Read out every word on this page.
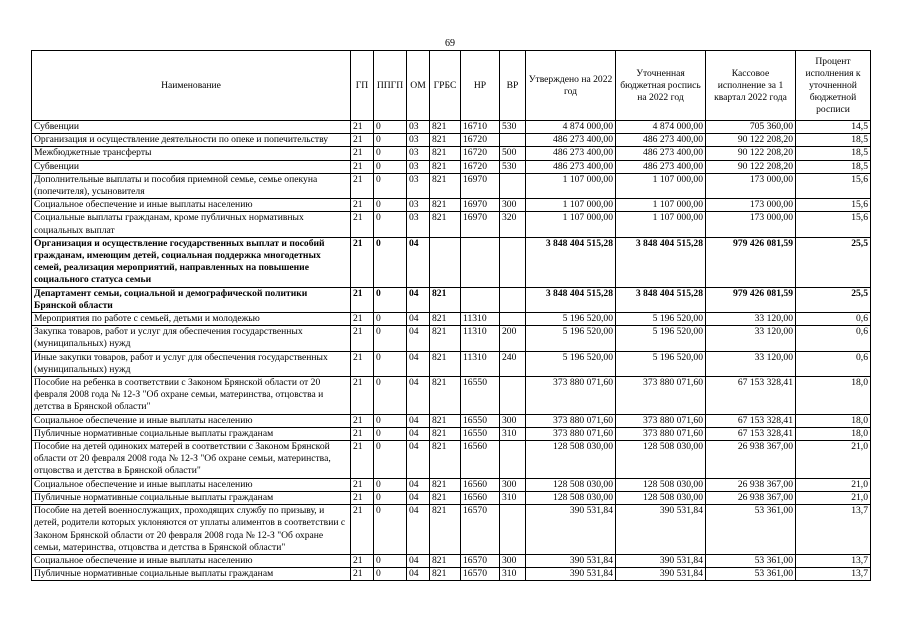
69
Наименование	ГП	ППГП	ОМ	ГРБС	НР	ВР	Утверждено на 2022 год	Уточненная бюджетная роспись на 2022 год	Кассовое исполнение за 1 квартал 2022 года	Процент исполнения к уточненной бюджетной росписи
Субвенции	21	0	03	821	16710	530	4 874 000,00	4 874 000,00	705 360,00	14,5
Организация и осуществление деятельности по опеке и попечительству	21	0	03	821	16720		486 273 400,00	486 273 400,00	90 122 208,20	18,5
Межбюджетные трансферты	21	0	03	821	16720	500	486 273 400,00	486 273 400,00	90 122 208,20	18,5
Субвенции	21	0	03	821	16720	530	486 273 400,00	486 273 400,00	90 122 208,20	18,5
Дополнительные выплаты и пособия приемной семье, семье опекуна (попечителя), усыновителя	21	0	03	821	16970		1 107 000,00	1 107 000,00	173 000,00	15,6
Социальное обеспечение и иные выплаты населению	21	0	03	821	16970	300	1 107 000,00	1 107 000,00	173 000,00	15,6
Социальные выплаты гражданам, кроме публичных нормативных социальных выплат	21	0	03	821	16970	320	1 107 000,00	1 107 000,00	173 000,00	15,6
Организация и осуществление государственных выплат и пособий гражданам, имеющим детей, социальная поддержка многодетных семей, реализация мероприятий, направленных на повышение социального статуса семьи	21	0	04				3 848 404 515,28	3 848 404 515,28	979 426 081,59	25,5
Департамент семьи, социальной и демографической политики Брянской области	21	0	04	821			3 848 404 515,28	3 848 404 515,28	979 426 081,59	25,5
Мероприятия по работе с семьей, детьми и молодежью	21	0	04	821	11310		5 196 520,00	5 196 520,00	33 120,00	0,6
Закупка товаров, работ и услуг для обеспечения государственных (муниципальных) нужд	21	0	04	821	11310	200	5 196 520,00	5 196 520,00	33 120,00	0,6
Иные закупки товаров, работ и услуг для обеспечения государственных (муниципальных) нужд	21	0	04	821	11310	240	5 196 520,00	5 196 520,00	33 120,00	0,6
Пособие на ребенка в соответствии с Законом Брянской области от 20 февраля 2008 года № 12-З "Об охране семьи, материнства, отцовства и детства в Брянской области"	21	0	04	821	16550		373 880 071,60	373 880 071,60	67 153 328,41	18,0
Социальное обеспечение и иные выплаты населению	21	0	04	821	16550	300	373 880 071,60	373 880 071,60	67 153 328,41	18,0
Публичные нормативные социальные выплаты гражданам	21	0	04	821	16550	310	373 880 071,60	373 880 071,60	67 153 328,41	18,0
Пособие на детей одиноких матерей в соответствии с Законом Брянской области от 20 февраля 2008 года № 12-З "Об охране семьи, материнства, отцовства и детства в Брянской области"	21	0	04	821	16560		128 508 030,00	128 508 030,00	26 938 367,00	21,0
Социальное обеспечение и иные выплаты населению	21	0	04	821	16560	300	128 508 030,00	128 508 030,00	26 938 367,00	21,0
Публичные нормативные социальные выплаты гражданам	21	0	04	821	16560	310	128 508 030,00	128 508 030,00	26 938 367,00	21,0
Пособие на детей военнослужащих, проходящих службу по призыву, и детей, родители которых уклоняются от уплаты алиментов в соответствии с Законом Брянской области от 20 февраля 2008 года № 12-З "Об охране семьи, материнства, отцовства и детства в Брянской области"	21	0	04	821	16570		390 531,84	390 531,84	53 361,00	13,7
Социальное обеспечение и иные выплаты населению	21	0	04	821	16570	300	390 531,84	390 531,84	53 361,00	13,7
Публичные нормативные социальные выплаты гражданам	21	0	04	821	16570	310	390 531,84	390 531,84	53 361,00	13,7
